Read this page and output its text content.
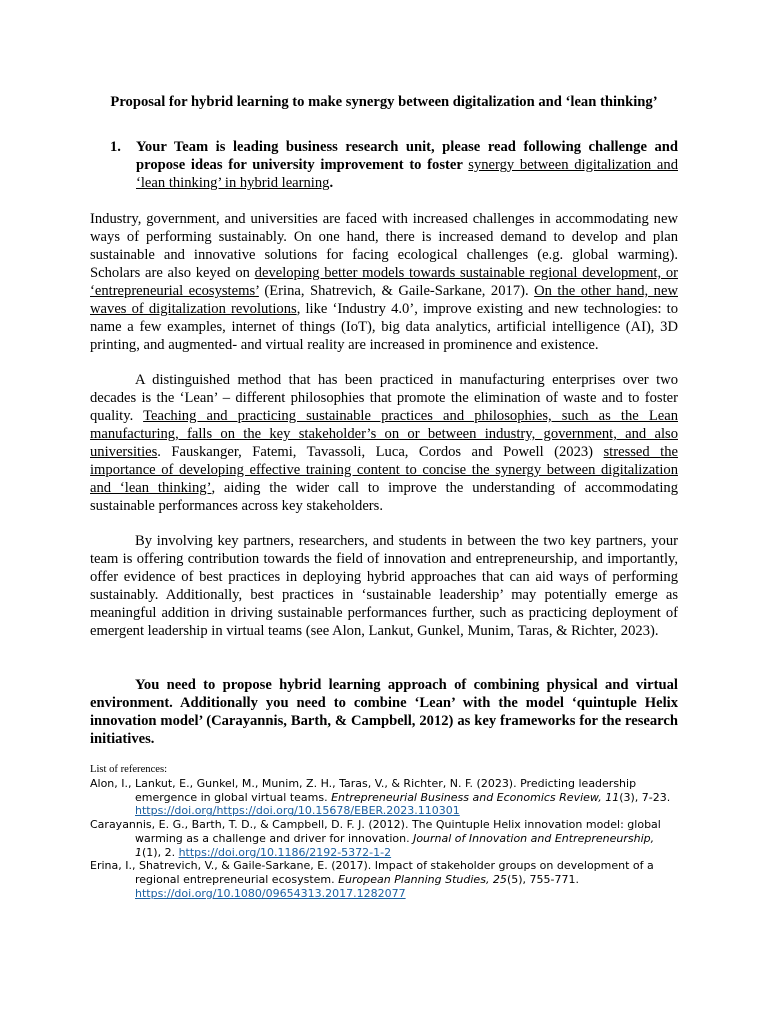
Proposal for hybrid learning to make synergy between digitalization and ‘lean thinking’
1. Your Team is leading business research unit, please read following challenge and propose ideas for university improvement to foster synergy between digitalization and ‘lean thinking’ in hybrid learning.
Industry, government, and universities are faced with increased challenges in accommodating new ways of performing sustainably. On one hand, there is increased demand to develop and plan sustainable and innovative solutions for facing ecological challenges (e.g. global warming). Scholars are also keyed on developing better models towards sustainable regional development, or ‘entrepreneurial ecosystems’ (Erina, Shatrevich, & Gaile-Sarkane, 2017). On the other hand, new waves of digitalization revolutions, like ‘Industry 4.0’, improve existing and new technologies: to name a few examples, internet of things (IoT), big data analytics, artificial intelligence (AI), 3D printing, and augmented- and virtual reality are increased in prominence and existence.
A distinguished method that has been practiced in manufacturing enterprises over two decades is the ‘Lean’ – different philosophies that promote the elimination of waste and to foster quality. Teaching and practicing sustainable practices and philosophies, such as the Lean manufacturing, falls on the key stakeholder’s on or between industry, government, and also universities. Fauskanger, Fatemi, Tavassoli, Luca, Cordos and Powell (2023) stressed the importance of developing effective training content to concise the synergy between digitalization and ‘lean thinking’, aiding the wider call to improve the understanding of accommodating sustainable performances across key stakeholders.
By involving key partners, researchers, and students in between the two key partners, your team is offering contribution towards the field of innovation and entrepreneurship, and importantly, offer evidence of best practices in deploying hybrid approaches that can aid ways of performing sustainably. Additionally, best practices in ‘sustainable leadership’ may potentially emerge as meaningful addition in driving sustainable performances further, such as practicing deployment of emergent leadership in virtual teams (see Alon, Lankut, Gunkel, Munim, Taras, & Richter, 2023).
You need to propose hybrid learning approach of combining physical and virtual environment. Additionally you need to combine ‘Lean’ with the model ‘quintuple Helix innovation model’ (Carayannis, Barth, & Campbell, 2012) as key frameworks for the research initiatives.
List of references:

Alon, I., Lankut, E., Gunkel, M., Munim, Z. H., Taras, V., & Richter, N. F. (2023). Predicting leadership emergence in global virtual teams. Entrepreneurial Business and Economics Review, 11(3), 7-23. https://doi.org/https://doi.org/10.15678/EBER.2023.110301

Carayannis, E. G., Barth, T. D., & Campbell, D. F. J. (2012). The Quintuple Helix innovation model: global warming as a challenge and driver for innovation. Journal of Innovation and Entrepreneurship, 1(1), 2. https://doi.org/10.1186/2192-5372-1-2

Erina, I., Shatrevich, V., & Gaile-Sarkane, E. (2017). Impact of stakeholder groups on development of a regional entrepreneurial ecosystem. European Planning Studies, 25(5), 755-771. https://doi.org/10.1080/09654313.2017.1282077
